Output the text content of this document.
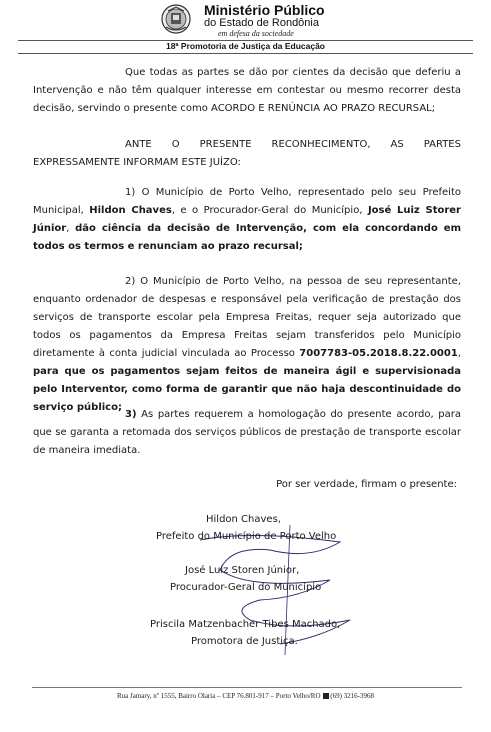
Ministério Público
do Estado de Rondônia
em defesa da sociedade
18ª Promotoria de Justiça da Educação
Que todas as partes se dão por cientes da decisão que deferiu a Intervenção e não têm qualquer interesse em contestar ou mesmo recorrer desta decisão, servindo o presente como ACORDO E RENÚNCIA AO PRAZO RECURSAL;
ANTE O PRESENTE RECONHECIMENTO, AS PARTES
EXPRESSAMENTE INFORMAM ESTE JUÍZO:
1) O Município de Porto Velho, representado pelo seu Prefeito Municipal, Hildon Chaves, e o Procurador-Geral do Município, José Luiz Storer Júnior, dão ciência da decisão de Intervenção, com ela concordando em todos os termos e renunciam ao prazo recursal;
2) O Município de Porto Velho, na pessoa de seu representante, enquanto ordenador de despesas e responsável pela verificação de prestação dos serviços de transporte escolar pela Empresa Freitas, requer seja autorizado que todos os pagamentos da Empresa Freitas sejam transferidos pelo Município diretamente à conta judicial vinculada ao Processo 7007783-05.2018.8.22.0001, para que os pagamentos sejam feitos de maneira ágil e supervisionada pelo Interventor, como forma de garantir que não haja descontinuidade do serviço público;
3) As partes requerem a homologação do presente acordo, para que se garanta a retomada dos serviços públicos de prestação de transporte escolar de maneira imediata.
Por ser verdade, firmam o presente:
Hildon Chaves,
Prefeito do Município de Porto Velho
José Luiz Storen Júnior,
Procurador-Geral do Município
Priscila Matzenbacher Tibes Machado,
Promotora de Justiça.
Rua Jamary, nº 1555, Bairro Olaria – CEP 76.801-917 – Porto Velho/RO (69) 3216-3968
